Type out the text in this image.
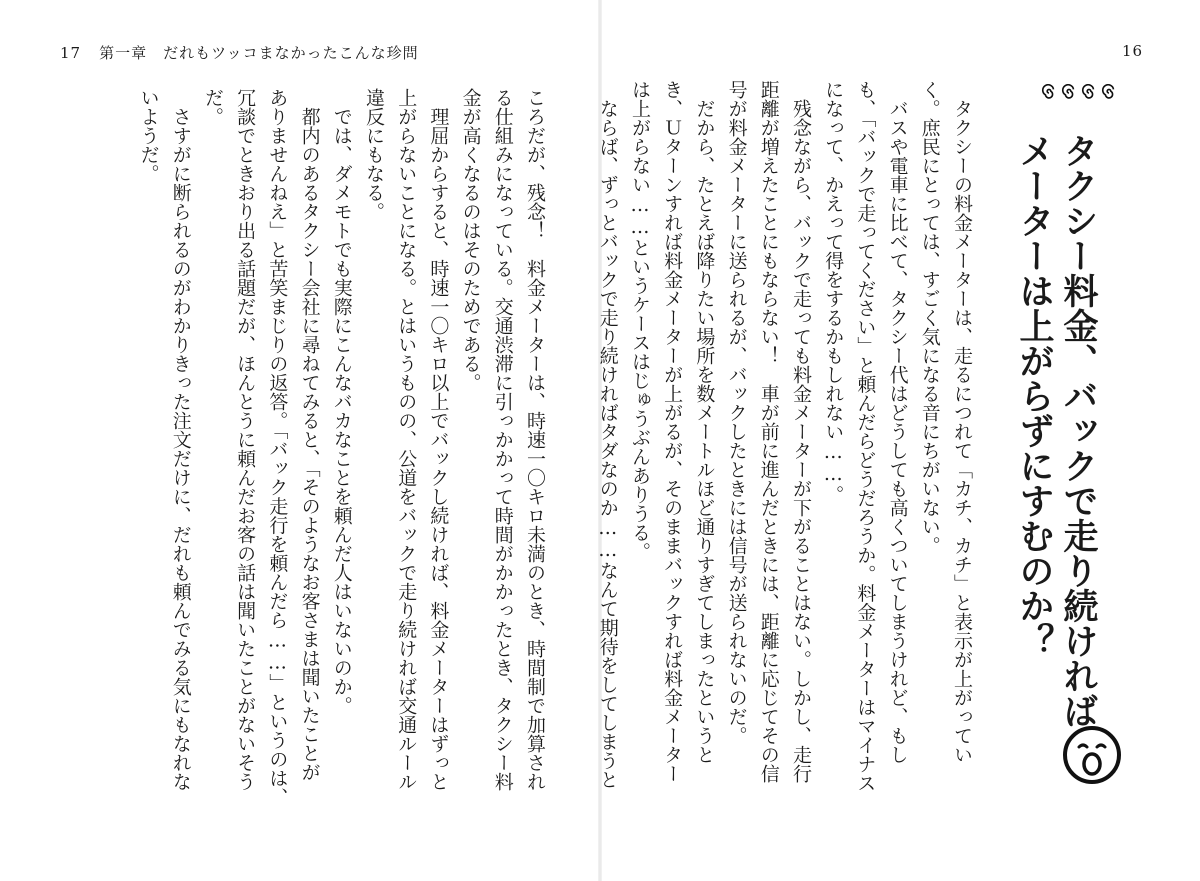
17 第一章　だれもツッコまなかったこんな珍問	16
ころだが、残念！　料金メーターは、時速一〇キロ未満のとき、時間制で加算され
る仕組みになっている。交通渋滞に引っかかって時間がかかったとき、タクシー料
金が高くなるのはそのためである。
　理屈からすると、時速一〇キロ以上でバックし続ければ、料金メーターはずっと
上がらないことになる。とはいうものの、公道をバックで走り続ければ交通ルール
違反にもなる。
　では、ダメモトでも実際にこんなバカなことを頼んだ人はいないのか。
　都内のあるタクシー会社に尋ねてみると、「そのようなお客さまは聞いたことが
ありませんねえ」と苦笑まじりの返答。「バック走行を頼んだら……」というのは、
冗談でときおり出る話題だが、ほんとうに頼んだお客の話は聞いたことがないそう
だ。
　さすがに断られるのがわかりきった注文だけに、だれも頼んでみる気にもなれな
いようだ。	　タクシーの料金メーターは、走るにつれて「カチ、カチ」と表示が上がってい
く。庶民にとっては、すごく気になる音にちがいない。
　バスや電車に比べて、タクシー代はどうしても高くついてしまうけれど、もし
も、「バックで走ってください」と頼んだらどうだろうか。料金メーターはマイナス
になって、かえって得をするかもしれない……。
　残念ながら、バックで走っても料金メーターが下がることはない。しかし、走行
距離が増えたことにもならない！　車が前に進んだときには、距離に応じてその信
号が料金メーターに送られるが、バックしたときには信号が送られないのだ。
　だから、たとえば降りたい場所を数メートルほど通りすぎてしまったというと
き、Ｕターンすれば料金メーターが上がるが、そのままバックすれば料金メーター
は上がらない……というケースはじゅうぶんありうる。
　ならば、ずっとバックで走り続ければタダなのか……なんて期待をしてしまうと	タクシー料金、バックで走り続ければ
メーターは上がらずにすむのか？
